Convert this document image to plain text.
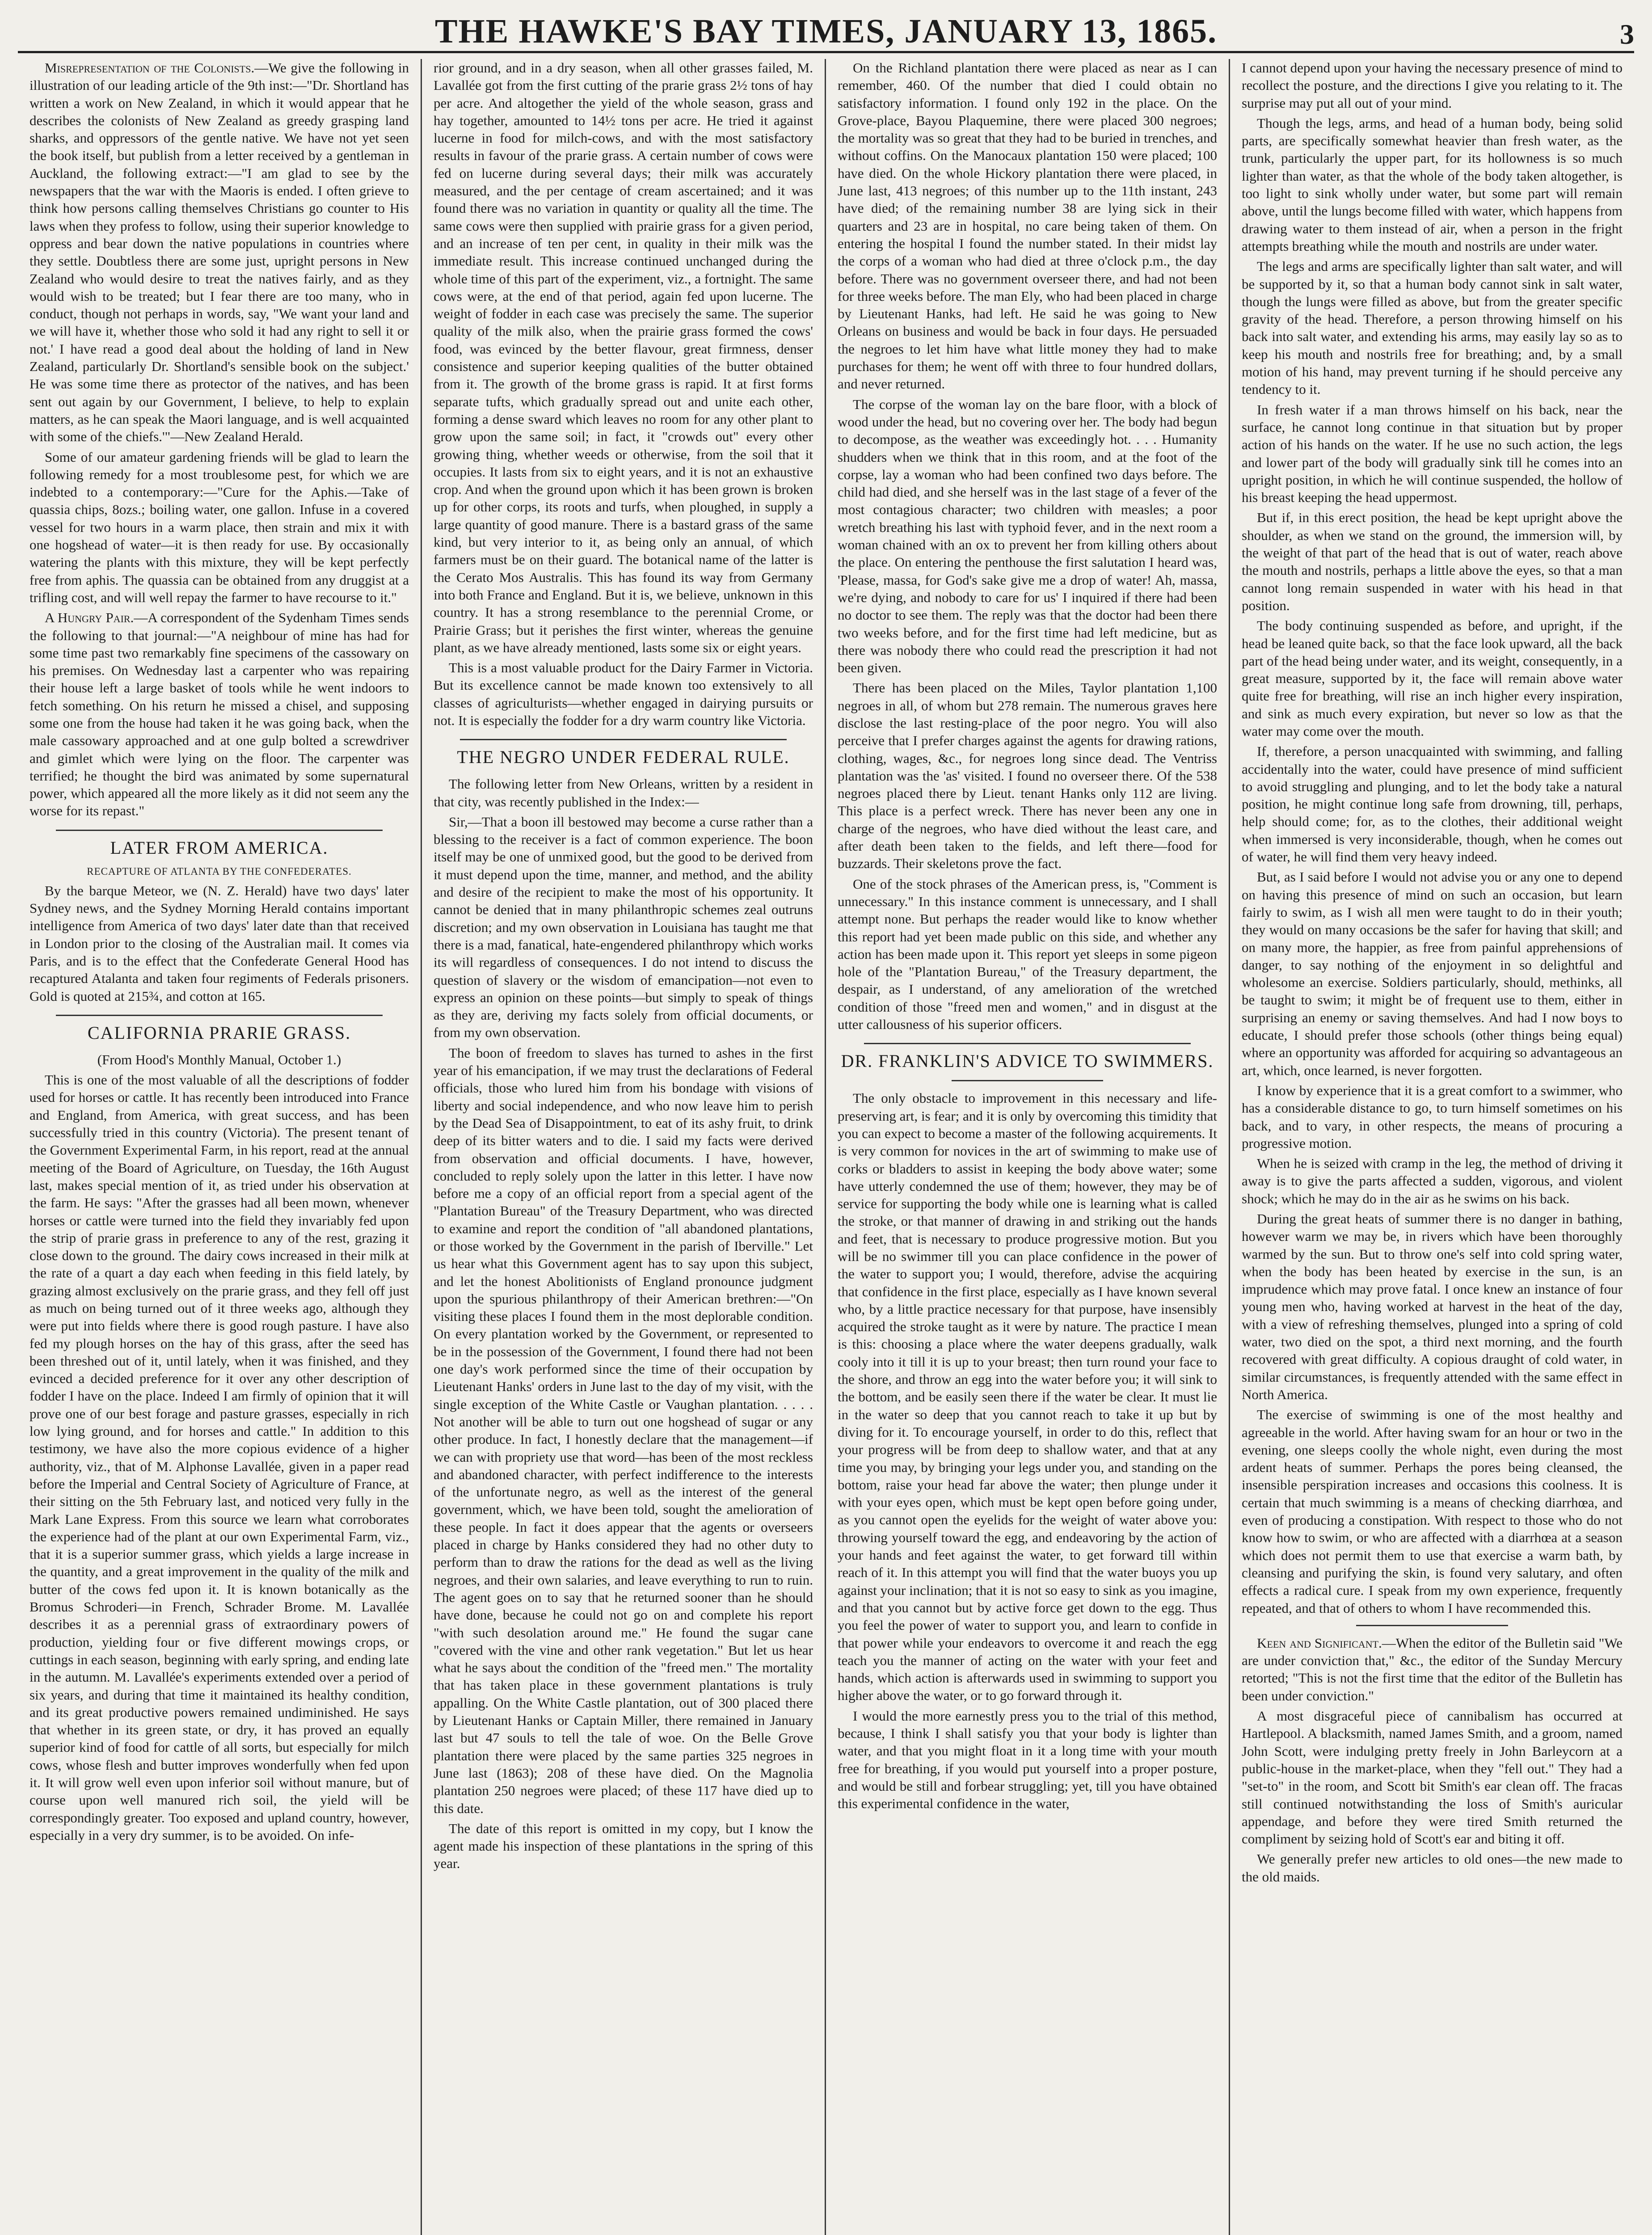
THE HAWKE'S BAY TIMES, JANUARY 13, 1865.	3

Misrepresentation of the Colonists.—We give the following in illustration of our leading article of the 9th inst:—"Dr. Shortland has written a work on New Zealand, in which it would appear that he describes the colonists of New Zealand as greedy grasping land sharks, and oppressors of the gentle native. We have not yet seen the book itself, but publish from a letter received by a gentleman in Auckland, the following extract:—"I am glad to see by the newspapers that the war with the Maoris is ended. I often grieve to think how persons calling themselves Christians go counter to His laws when they profess to follow, using their superior knowledge to oppress and bear down the native populations in countries where they settle. Doubtless there are some just, upright persons in New Zealand who would desire to treat the natives fairly, and as they would wish to be treated; but I fear there are too many, who in conduct, though not perhaps in words, say, "We want your land and we will have it, whether those who sold it had any right to sell it or not.' I have read a good deal about the holding of land in New Zealand, particularly Dr. Shortland's sensible book on the subject.' He was some time there as protector of the natives, and has been sent out again by our Government, I believe, to help to explain matters, as he can speak the Maori language, and is well acquainted with some of the chiefs.'"—New Zealand Herald.

Some of our amateur gardening friends will be glad to learn the following remedy for a most troublesome pest, for which we are indebted to a contemporary:—"Cure for the Aphis.—Take of quassia chips, 8ozs.; boiling water, one gallon. Infuse in a covered vessel for two hours in a warm place, then strain and mix it with one hogshead of water—it is then ready for use. By occasionally watering the plants with this mixture, they will be kept perfectly free from aphis. The quassia can be obtained from any druggist at a trifling cost, and will well repay the farmer to have recourse to it."

A Hungry Pair.—A correspondent of the Sydenham Times sends the following to that journal:—"A neighbour of mine has had for some time past two remarkably fine specimens of the cassowary on his premises. On Wednesday last a carpenter who was repairing their house left a large basket of tools while he went indoors to fetch something. On his return he missed a chisel, and supposing some one from the house had taken it he was going back, when the male cassowary approached and at one gulp bolted a screwdriver and gimlet which were lying on the floor. The carpenter was terrified; he thought the bird was animated by some supernatural power, which appeared all the more likely as it did not seem any the worse for its repast."

LATER FROM AMERICA.
RECAPTURE OF ATLANTA BY THE CONFEDERATES.

By the barque Meteor, we (N. Z. Herald) have two days' later Sydney news, and the Sydney Morning Herald contains important intelligence from America of two days' later date than that received in London prior to the closing of the Australian mail. It comes via Paris, and is to the effect that the Confederate General Hood has recaptured Atalanta and taken four regiments of Federals prisoners. Gold is quoted at 215¾, and cotton at 165.

CALIFORNIA PRARIE GRASS.

(From Hood's Monthly Manual, October 1.)

This is one of the most valuable of all the descriptions of fodder used for horses or cattle. It has recently been introduced into France and England, from America, with great success, and has been successfully tried in this country (Victoria). The present tenant of the Government Experimental Farm, in his report, read at the annual meeting of the Board of Agriculture, on Tuesday, the 16th August last, makes special mention of it, as tried under his observation at the farm. He says: "After the grasses had all been mown, whenever horses or cattle were turned into the field they invariably fed upon the strip of prarie grass in preference to any of the rest, grazing it close down to the ground. The dairy cows increased in their milk at the rate of a quart a day each when feeding in this field lately, by grazing almost exclusively on the prarie grass, and they fell off just as much on being turned out of it three weeks ago, although they were put into fields where there is good rough pasture. I have also fed my plough horses on the hay of this grass, after the seed has been threshed out of it, until lately, when it was finished, and they evinced a decided preference for it over any other description of fodder I have on the place. Indeed I am firmly of opinion that it will prove one of our best forage and pasture grasses, especially in rich low lying ground, and for horses and cattle." In addition to this testimony, we have also the more copious evidence of a higher authority, viz., that of M. Alphonse Lavallée, given in a paper read before the Imperial and Central Society of Agriculture of France, at their sitting on the 5th February last, and noticed very fully in the Mark Lane Express. From this source we learn what corroborates the experience had of the plant at our own Experimental Farm, viz., that it is a superior summer grass, which yields a large increase in the quantity, and a great improvement in the quality of the milk and butter of the cows fed upon it. It is known botanically as the Bromus Schroderi—in French, Schrader Brome. M. Lavallée describes it as a perennial grass of extraordinary powers of production, yielding four or five different mowings crops, or cuttings in each season, beginning with early spring, and ending late in the autumn. M. Lavallée's experiments extended over a period of six years, and during that time it maintained its healthy condition, and its great productive powers remained undiminished. He says that whether in its green state, or dry, it has proved an equally superior kind of food for cattle of all sorts, but especially for milch cows, whose flesh and butter improves wonderfully when fed upon it. It will grow well even upon inferior soil without manure, but of course upon well manured rich soil, the yield will be correspondingly greater. Too exposed and upland country, however, especially in a very dry summer, is to be avoided. On infe-

rior ground, and in a dry season, when all other grasses failed, M. Lavallée got from the first cutting of the prarie grass 2½ tons of hay per acre. And altogether the yield of the whole season, grass and hay together, amounted to 14½ tons per acre. He tried it against lucerne in food for milch-cows, and with the most satisfactory results in favour of the prarie grass. A certain number of cows were fed on lucerne during several days; their milk was accurately measured, and the per centage of cream ascertained; and it was found there was no variation in quantity or quality all the time. The same cows were then supplied with prairie grass for a given period, and an increase of ten per cent, in quality in their milk was the immediate result. This increase continued unchanged during the whole time of this part of the experiment, viz., a fortnight. The same cows were, at the end of that period, again fed upon lucerne. The weight of fodder in each case was precisely the same. The superior quality of the milk also, when the prairie grass formed the cows' food, was evinced by the better flavour, great firmness, denser consistence and superior keeping qualities of the butter obtained from it. The growth of the brome grass is rapid. It at first forms separate tufts, which gradually spread out and unite each other, forming a dense sward which leaves no room for any other plant to grow upon the same soil; in fact, it "crowds out" every other growing thing, whether weeds or otherwise, from the soil that it occupies. It lasts from six to eight years, and it is not an exhaustive crop. And when the ground upon which it has been grown is broken up for other corps, its roots and turfs, when ploughed, in supply a large quantity of good manure. There is a bastard grass of the same kind, but very interior to it, as being only an annual, of which farmers must be on their guard. The botanical name of the latter is the Cerato Mos Australis. This has found its way from Germany into both France and England. But it is, we believe, unknown in this country. It has a strong resemblance to the perennial Crome, or Prairie Grass; but it perishes the first winter, whereas the genuine plant, as we have already mentioned, lasts some six or eight years.

This is a most valuable product for the Dairy Farmer in Victoria. But its excellence cannot be made known too extensively to all classes of agriculturists—whether engaged in dairying pursuits or not. It is especially the fodder for a dry warm country like Victoria.

THE NEGRO UNDER FEDERAL RULE.

The following letter from New Orleans, written by a resident in that city, was recently published in the Index:—

Sir,—That a boon ill bestowed may become a curse rather than a blessing to the receiver is a fact of common experience. The boon itself may be one of unmixed good, but the good to be derived from it must depend upon the time, manner, and method, and the ability and desire of the recipient to make the most of his opportunity. It cannot be denied that in many philanthropic schemes zeal outruns discretion; and my own observation in Louisiana has taught me that there is a mad, fanatical, hate-engendered philanthropy which works its will regardless of consequences. I do not intend to discuss the question of slavery or the wisdom of emancipation—not even to express an opinion on these points—but simply to speak of things as they are, deriving my facts solely from official documents, or from my own observation.

The boon of freedom to slaves has turned to ashes in the first year of his emancipation, if we may trust the declarations of Federal officials, those who lured him from his bondage with visions of liberty and social independence, and who now leave him to perish by the Dead Sea of Disappointment, to eat of its ashy fruit, to drink deep of its bitter waters and to die. I said my facts were derived from observation and official documents. I have, however, concluded to reply solely upon the latter in this letter. I have now before me a copy of an official report from a special agent of the "Plantation Bureau" of the Treasury Department, who was directed to examine and report the condition of "all abandoned plantations, or those worked by the Government in the parish of Iberville." Let us hear what this Government agent has to say upon this subject, and let the honest Abolitionists of England pronounce judgment upon the spurious philanthropy of their American brethren:—"On visiting these places I found them in the most deplorable condition. On every plantation worked by the Government, or represented to be in the possession of the Government, I found there had not been one day's work performed since the time of their occupation by Lieutenant Hanks' orders in June last to the day of my visit, with the single exception of the White Castle or Vaughan plantation. . . . . Not another will be able to turn out one hogshead of sugar or any other produce. In fact, I honestly declare that the management—if we can with propriety use that word—has been of the most reckless and abandoned character, with perfect indifference to the interests of the unfortunate negro, as well as the interest of the general government, which, we have been told, sought the amelioration of these people. In fact it does appear that the agents or overseers placed in charge by Hanks considered they had no other duty to perform than to draw the rations for the dead as well as the living negroes, and their own salaries, and leave everything to run to ruin. The agent goes on to say that he returned sooner than he should have done, because he could not go on and complete his report "with such desolation around me." He found the sugar cane "covered with the vine and other rank vegetation." But let us hear what he says about the condition of the "freed men." The mortality that has taken place in these government plantations is truly appalling. On the White Castle plantation, out of 300 placed there by Lieutenant Hanks or Captain Miller, there remained in January last but 47 souls to tell the tale of woe. On the Belle Grove plantation there were placed by the same parties 325 negroes in June last (1863); 208 of these have died. On the Magnolia plantation 250 negroes were placed; of these 117 have died up to this date.

The date of this report is omitted in my copy, but I know the agent made his inspection of these plantations in the spring of this year.

On the Richland plantation there were placed as near as I can remember, 460. Of the number that died I could obtain no satisfactory information. I found only 192 in the place. On the Grove-place, Bayou Plaquemine, there were placed 300 negroes; the mortality was so great that they had to be buried in trenches, and without coffins. On the Manocaux plantation 150 were placed; 100 have died. On the whole Hickory plantation there were placed, in June last, 413 negroes; of this number up to the 11th instant, 243 have died; of the remaining number 38 are lying sick in their quarters and 23 are in hospital, no care being taken of them. On entering the hospital I found the number stated. In their midst lay the corps of a woman who had died at three o'clock p.m., the day before. There was no government overseer there, and had not been for three weeks before. The man Ely, who had been placed in charge by Lieutenant Hanks, had left. He said he was going to New Orleans on business and would be back in four days. He persuaded the negroes to let him have what little money they had to make purchases for them; he went off with three to four hundred dollars, and never returned.

The corpse of the woman lay on the bare floor, with a block of wood under the head, but no covering over her. The body had begun to decompose, as the weather was exceedingly hot. . . . Humanity shudders when we think that in this room, and at the foot of the corpse, lay a woman who had been confined two days before. The child had died, and she herself was in the last stage of a fever of the most contagious character; two children with measles; a poor wretch breathing his last with typhoid fever, and in the next room a woman chained with an ox to prevent her from killing others about the place. On entering the penthouse the first salutation I heard was, 'Please, massa, for God's sake give me a drop of water! Ah, massa, we're dying, and nobody to care for us' I inquired if there had been no doctor to see them. The reply was that the doctor had been there two weeks before, and for the first time had left medicine, but as there was nobody there who could read the prescription it had not been given.

There has been placed on the Miles, Taylor plantation 1,100 negroes in all, of whom but 278 remain. The numerous graves here disclose the last resting-place of the poor negro. You will also perceive that I prefer charges against the agents for drawing rations, clothing, wages, &c., for negroes long since dead. The Ventriss plantation was the 'as' visited. I found no overseer there. Of the 538 negroes placed there by Lieut. tenant Hanks only 112 are living. This place is a perfect wreck. There has never been any one in charge of the negroes, who have died without the least care, and after death been taken to the fields, and left there—food for buzzards. Their skeletons prove the fact.

One of the stock phrases of the American press, is, "Comment is unnecessary." In this instance comment is unnecessary, and I shall attempt none. But perhaps the reader would like to know whether this report had yet been made public on this side, and whether any action has been made upon it. This report yet sleeps in some pigeon hole of the "Plantation Bureau," of the Treasury department, the despair, as I understand, of any amelioration of the wretched condition of those "freed men and women," and in disgust at the utter callousness of his superior officers.

DR. FRANKLIN'S ADVICE TO SWIMMERS.

The only obstacle to improvement in this necessary and life-preserving art, is fear; and it is only by overcoming this timidity that you can expect to become a master of the following acquirements. It is very common for novices in the art of swimming to make use of corks or bladders to assist in keeping the body above water; some have utterly condemned the use of them; however, they may be of service for supporting the body while one is learning what is called the stroke, or that manner of drawing in and striking out the hands and feet, that is necessary to produce progressive motion. But you will be no swimmer till you can place confidence in the power of the water to support you; I would, therefore, advise the acquiring that confidence in the first place, especially as I have known several who, by a little practice necessary for that purpose, have insensibly acquired the stroke taught as it were by nature. The practice I mean is this: choosing a place where the water deepens gradually, walk cooly into it till it is up to your breast; then turn round your face to the shore, and throw an egg into the water before you; it will sink to the bottom, and be easily seen there if the water be clear. It must lie in the water so deep that you cannot reach to take it up but by diving for it. To encourage yourself, in order to do this, reflect that your progress will be from deep to shallow water, and that at any time you may, by bringing your legs under you, and standing on the bottom, raise your head far above the water; then plunge under it with your eyes open, which must be kept open before going under, as you cannot open the eyelids for the weight of water above you: throwing yourself toward the egg, and endeavoring by the action of your hands and feet against the water, to get forward till within reach of it. In this attempt you will find that the water buoys you up against your inclination; that it is not so easy to sink as you imagine, and that you cannot but by active force get down to the egg. Thus you feel the power of water to support you, and learn to confide in that power while your endeavors to overcome it and reach the egg teach you the manner of acting on the water with your feet and hands, which action is afterwards used in swimming to support you higher above the water, or to go forward through it.

I would the more earnestly press you to the trial of this method, because, I think I shall satisfy you that your body is lighter than water, and that you might float in it a long time with your mouth free for breathing, if you would put yourself into a proper posture, and would be still and forbear struggling; yet, till you have obtained this experimental confidence in the water,

I cannot depend upon your having the necessary presence of mind to recollect the posture, and the directions I give you relating to it. The surprise may put all out of your mind.

Though the legs, arms, and head of a human body, being solid parts, are specifically somewhat heavier than fresh water, as the trunk, particularly the upper part, for its hollowness is so much lighter than water, as that the whole of the body taken altogether, is too light to sink wholly under water, but some part will remain above, until the lungs become filled with water, which happens from drawing water to them instead of air, when a person in the fright attempts breathing while the mouth and nostrils are under water.

The legs and arms are specifically lighter than salt water, and will be supported by it, so that a human body cannot sink in salt water, though the lungs were filled as above, but from the greater specific gravity of the head. Therefore, a person throwing himself on his back into salt water, and extending his arms, may easily lay so as to keep his mouth and nostrils free for breathing; and, by a small motion of his hand, may prevent turning if he should perceive any tendency to it.

In fresh water if a man throws himself on his back, near the surface, he cannot long continue in that situation but by proper action of his hands on the water. If he use no such action, the legs and lower part of the body will gradually sink till he comes into an upright position, in which he will continue suspended, the hollow of his breast keeping the head uppermost.

But if, in this erect position, the head be kept upright above the shoulder, as when we stand on the ground, the immersion will, by the weight of that part of the head that is out of water, reach above the mouth and nostrils, perhaps a little above the eyes, so that a man cannot long remain suspended in water with his head in that position.

The body continuing suspended as before, and upright, if the head be leaned quite back, so that the face look upward, all the back part of the head being under water, and its weight, consequently, in a great measure, supported by it, the face will remain above water quite free for breathing, will rise an inch higher every inspiration, and sink as much every expiration, but never so low as that the water may come over the mouth.

If, therefore, a person unacquainted with swimming, and falling accidentally into the water, could have presence of mind sufficient to avoid struggling and plunging, and to let the body take a natural position, he might continue long safe from drowning, till, perhaps, help should come; for, as to the clothes, their additional weight when immersed is very inconsiderable, though, when he comes out of water, he will find them very heavy indeed.

But, as I said before I would not advise you or any one to depend on having this presence of mind on such an occasion, but learn fairly to swim, as I wish all men were taught to do in their youth; they would on many occasions be the safer for having that skill; and on many more, the happier, as free from painful apprehensions of danger, to say nothing of the enjoyment in so delightful and wholesome an exercise. Soldiers particularly, should, methinks, all be taught to swim; it might be of frequent use to them, either in surprising an enemy or saving themselves. And had I now boys to educate, I should prefer those schools (other things being equal) where an opportunity was afforded for acquiring so advantageous an art, which, once learned, is never forgotten.

I know by experience that it is a great comfort to a swimmer, who has a considerable distance to go, to turn himself sometimes on his back, and to vary, in other respects, the means of procuring a progressive motion.

When he is seized with cramp in the leg, the method of driving it away is to give the parts affected a sudden, vigorous, and violent shock; which he may do in the air as he swims on his back.

During the great heats of summer there is no danger in bathing, however warm we may be, in rivers which have been thoroughly warmed by the sun. But to throw one's self into cold spring water, when the body has been heated by exercise in the sun, is an imprudence which may prove fatal. I once knew an instance of four young men who, having worked at harvest in the heat of the day, with a view of refreshing themselves, plunged into a spring of cold water, two died on the spot, a third next morning, and the fourth recovered with great difficulty. A copious draught of cold water, in similar circumstances, is frequently attended with the same effect in North America.

The exercise of swimming is one of the most healthy and agreeable in the world. After having swam for an hour or two in the evening, one sleeps coolly the whole night, even during the most ardent heats of summer. Perhaps the pores being cleansed, the insensible perspiration increases and occasions this coolness. It is certain that much swimming is a means of checking diarrhœa, and even of producing a constipation. With respect to those who do not know how to swim, or who are affected with a diarrhœa at a season which does not permit them to use that exercise a warm bath, by cleansing and purifying the skin, is found very salutary, and often effects a radical cure. I speak from my own experience, frequently repeated, and that of others to whom I have recommended this.

Keen and Significant.—When the editor of the Bulletin said "We are under conviction that," &c., the editor of the Sunday Mercury retorted; "This is not the first time that the editor of the Bulletin has been under conviction."

A most disgraceful piece of cannibalism has occurred at Hartlepool. A blacksmith, named James Smith, and a groom, named John Scott, were indulging pretty freely in John Barleycorn at a public-house in the market-place, when they "fell out." They had a "set-to" in the room, and Scott bit Smith's ear clean off. The fracas still continued notwithstanding the loss of Smith's auricular appendage, and before they were tired Smith returned the compliment by seizing hold of Scott's ear and biting it off.

We generally prefer new articles to old ones—the new made to the old maids.
